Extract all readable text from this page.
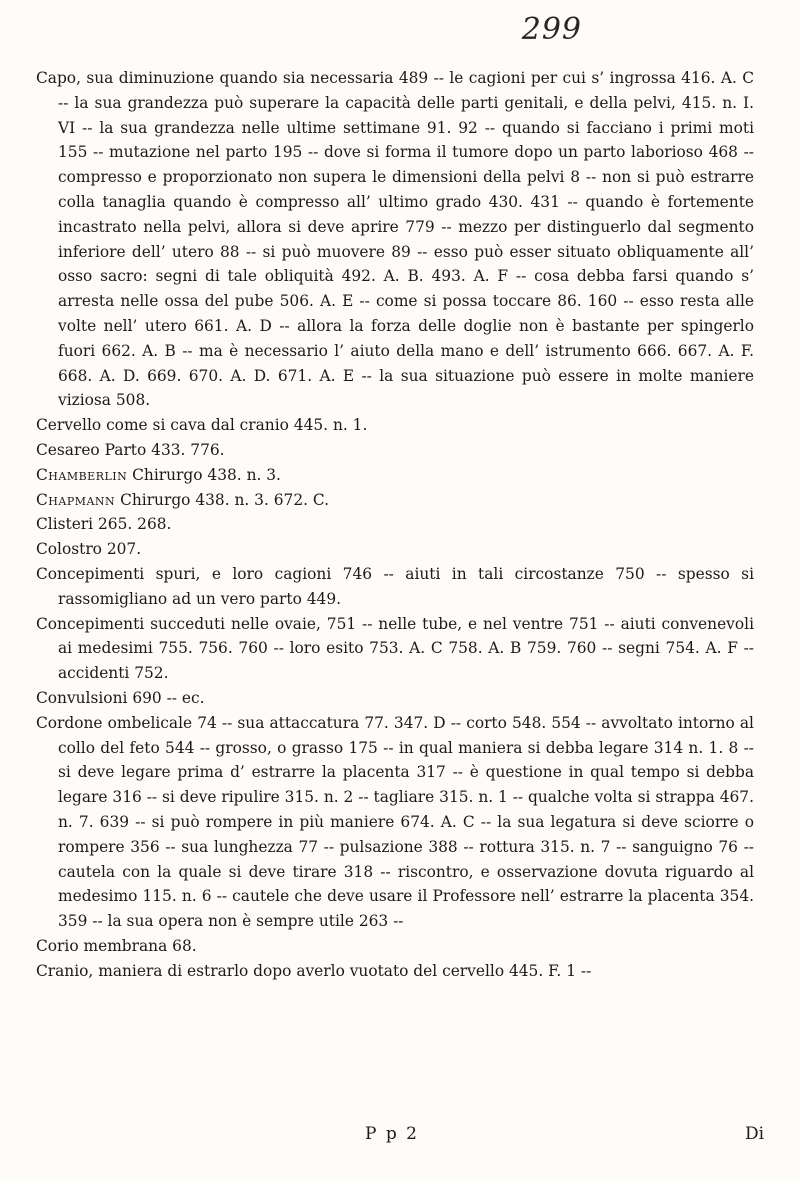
299

Capo, sua diminuzione quando sia necessaria 489 -- le cagioni per cui s’ ingrossa 416. A. C -- la sua grandezza può superare la capacità delle parti genitali, e della pelvi, 415. n. I. VI -- la sua grandezza nelle ultime settimane 91. 92 -- quando si facciano i primi moti 155 -- mutazione nel parto 195 -- dove si forma il tumore dopo un parto laborioso 468 -- compresso e proporzionato non supera le dimensioni della pelvi 8 -- non si può estrarre colla tanaglia quando è compresso all’ ultimo grado 430. 431 -- quando è fortemente incastrato nella pelvi, allora si deve aprire 779 -- mezzo per distinguerlo dal segmento inferiore dell’ utero 88 -- si può muovere 89 -- esso può esser situato obliquamente all’ osso sacro: segni di tale obliquità 492. A. B. 493. A. F -- cosa debba farsi quando s’ arresta nelle ossa del pube 506. A. E -- come si possa toccare 86. 160 -- esso resta alle volte nell’ utero 661. A. D -- allora la forza delle doglie non è bastante per spingerlo fuori 662. A. B -- ma è necessario l’ aiuto della mano e dell’ istrumento 666. 667. A. F. 668. A. D. 669. 670. A. D. 671. A. E -- la sua situazione può essere in molte maniere viziosa 508.

Cervello come si cava dal cranio 445. n. 1.

Cesareo Parto 433. 776.

Chamberlin Chirurgo 438. n. 3.

Chapmann Chirurgo 438. n. 3. 672. C.

Clisteri 265. 268.

Colostro 207.

Concepimenti spuri, e loro cagioni 746 -- aiuti in tali circostanze 750 -- spesso si rassomigliano ad un vero parto 449.

Concepimenti succeduti nelle ovaie, 751 -- nelle tube, e nel ventre 751 -- aiuti convenevoli ai medesimi 755. 756. 760 -- loro esito 753. A. C 758. A. B 759. 760 -- segni 754. A. F -- accidenti 752.

Convulsioni 690 -- ec.

Cordone ombelicale 74 -- sua attaccatura 77. 347. D -- corto 548. 554 -- avvoltato intorno al collo del feto 544 -- grosso, o grasso 175 -- in qual maniera si debba legare 314 n. 1. 8 -- si deve legare prima d’ estrarre la placenta 317 -- è questione in qual tempo si debba legare 316 -- si deve ripulire 315. n. 2 -- tagliare 315. n. 1 -- qualche volta si strappa 467. n. 7. 639 -- si può rompere in più maniere 674. A. C -- la sua legatura si deve sciorre o rompere 356 -- sua lunghezza 77 -- pulsazione 388 -- rottura 315. n. 7 -- sanguigno 76 -- cautela con la quale si deve tirare 318 -- riscontro, e osservazione dovuta riguardo al medesimo 115. n. 6 -- cautele che deve usare il Professore nell’ estrarre la placenta 354. 359 -- la sua opera non è sempre utile 263 --

Corio membrana 68.

Cranio, maniera di estrarlo dopo averlo vuotato del cervello 445. F. 1 --

P p 2	Di
